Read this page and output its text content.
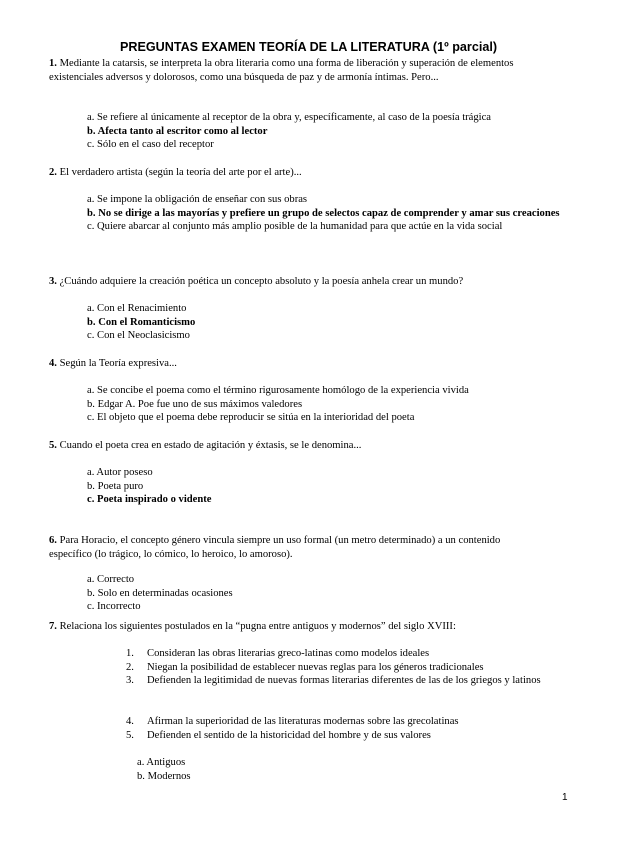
PREGUNTAS EXAMEN TEORÍA DE LA LITERATURA (1º parcial)
1. Mediante la catarsis, se interpreta la obra literaria como una forma de liberación y superación de elementos existenciales adversos y dolorosos, como una búsqueda de paz y de armonía íntimas. Pero...
a. Se refiere al únicamente al receptor de la obra y, específicamente, al caso de la poesía trágica
b. Afecta tanto al escritor como al lector
c. Sólo en el caso del receptor
2. El verdadero artista (según la teoría del arte por el arte)...
a. Se impone la obligación de enseñar con sus obras
b. No se dirige a las mayorías y prefiere un grupo de selectos capaz de comprender y amar sus creaciones
c. Quiere abarcar al conjunto más amplio posible de la humanidad para que actúe en la vida social
3. ¿Cuándo adquiere la creación poética un concepto absoluto y la poesía anhela crear un mundo?
a. Con el Renacimiento
b. Con el Romanticismo
c. Con el Neoclasicismo
4. Según la Teoría expresiva...
a. Se concibe el poema como el término rigurosamente homólogo de la experiencia vivida
b. Edgar A. Poe fue uno de sus máximos valedores
c. El objeto que el poema debe reproducir se sitúa en la interioridad del poeta
5. Cuando el poeta crea en estado de agitación y éxtasis, se le denomina...
a. Autor poseso
b. Poeta puro
c. Poeta inspirado o vidente
6. Para Horacio, el concepto género vincula siempre un uso formal (un metro determinado) a un contenido específico (lo trágico, lo cómico, lo heroico, lo amoroso).
a. Correcto
b. Solo en determinadas ocasiones
c. Incorrecto
7. Relaciona los siguientes postulados en la “pugna entre antiguos y modernos” del siglo XVIII:
1. Consideran las obras literarias greco-latinas como modelos ideales
2. Niegan la posibilidad de establecer nuevas reglas para los géneros tradicionales
3. Defienden la legitimidad de nuevas formas literarias diferentes de las de los griegos y latinos
4. Afirman la superioridad de las literaturas modernas sobre las grecolatinas
5. Defienden el sentido de la historicidad del hombre y de sus valores
a. Antiguos
b. Modernos
1
